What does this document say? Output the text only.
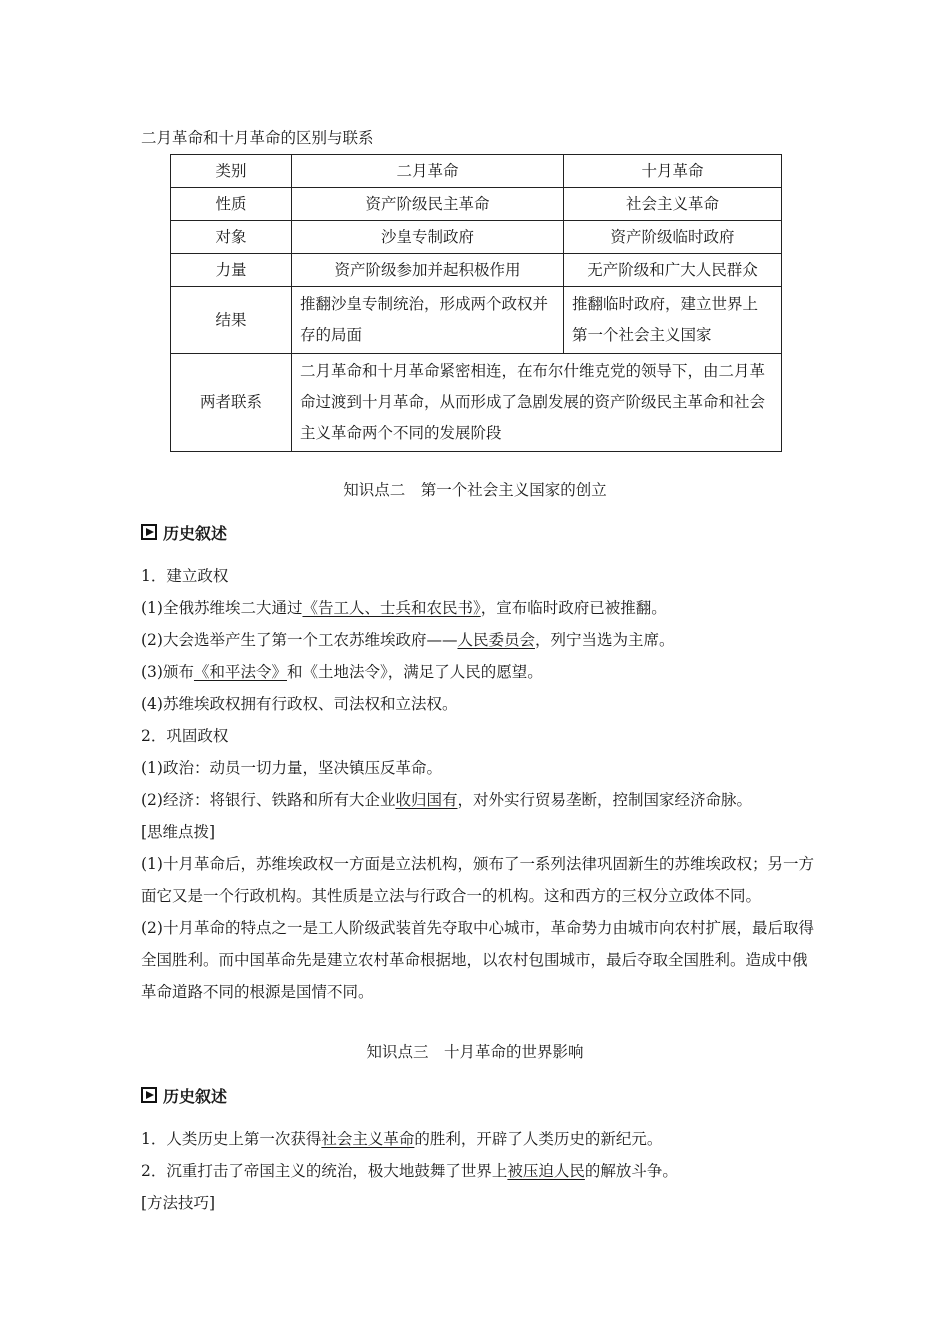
二月革命和十月革命的区别与联系
类别	二月革命	十月革命
性质	资产阶级民主革命	社会主义革命
对象	沙皇专制政府	资产阶级临时政府
力量	资产阶级参加并起积极作用	无产阶级和广大人民群众
结果	推翻沙皇专制统治，形成两个政权并存的局面	推翻临时政府，建立世界上第一个社会主义国家
两者联系	二月革命和十月革命紧密相连，在布尔什维克党的领导下，由二月革命过渡到十月革命，从而形成了急剧发展的资产阶级民主革命和社会主义革命两个不同的发展阶段	
知识点二　第一个社会主义国家的创立
历史叙述

1．建立政权

(1)全俄苏维埃二大通过《告工人、士兵和农民书》，宣布临时政府已被推翻。

(2)大会选举产生了第一个工农苏维埃政府——人民委员会，列宁当选为主席。

(3)颁布《和平法令》和《土地法令》，满足了人民的愿望。

(4)苏维埃政权拥有行政权、司法权和立法权。

2．巩固政权

(1)政治：动员一切力量，坚决镇压反革命。

(2)经济：将银行、铁路和所有大企业收归国有，对外实行贸易垄断，控制国家经济命脉。

[思维点拨]

(1)十月革命后，苏维埃政权一方面是立法机构，颁布了一系列法律巩固新生的苏维埃政权；另一方面它又是一个行政机构。其性质是立法与行政合一的机构。这和西方的三权分立政体不同。

(2)十月革命的特点之一是工人阶级武装首先夺取中心城市，革命势力由城市向农村扩展，最后取得全国胜利。而中国革命先是建立农村革命根据地，以农村包围城市，最后夺取全国胜利。造成中俄革命道路不同的根源是国情不同。

知识点三　十月革命的世界影响
历史叙述

1．人类历史上第一次获得社会主义革命的胜利，开辟了人类历史的新纪元。

2．沉重打击了帝国主义的统治，极大地鼓舞了世界上被压迫人民的解放斗争。

[方法技巧]
